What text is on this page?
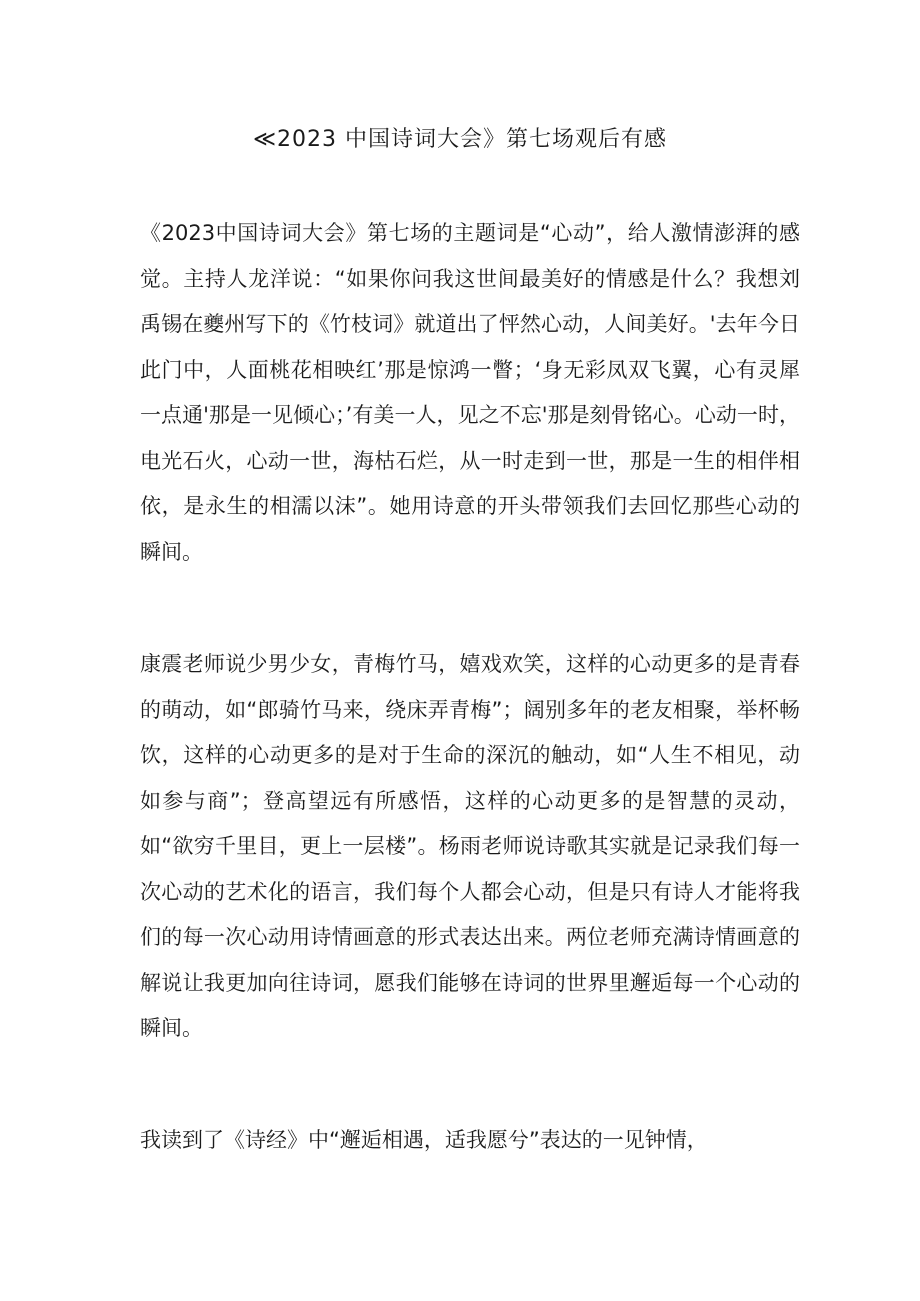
≪2023 中国诗词大会》第七场观后有感

《2023中国诗词大会》第七场的主题词是“心动”，给人激情澎湃的感觉。主持人龙洋说：“如果你问我这世间最美好的情感是什么？我想刘禹锡在夔州写下的《竹枝词》就道出了怦然心动，人间美好。'去年今日此门中，人面桃花相映红’那是惊鸿一瞥；‘身无彩凤双飞翼，心有灵犀一点通'那是一见倾心；’有美一人，见之不忘'那是刻骨铭心。心动一时，电光石火，心动一世，海枯石烂，从一时走到一世，那是一生的相伴相依，是永生的相濡以沫”。她用诗意的开头带领我们去回忆那些心动的瞬间。

康震老师说少男少女，青梅竹马，嬉戏欢笑，这样的心动更多的是青春的萌动，如“郎骑竹马来，绕床弄青梅”；阔别多年的老友相聚，举杯畅饮，这样的心动更多的是对于生命的深沉的触动，如“人生不相见，动如参与商”；登高望远有所感悟，这样的心动更多的是智慧的灵动，如“欲穷千里目，更上一层楼”。杨雨老师说诗歌其实就是记录我们每一次心动的艺术化的语言，我们每个人都会心动，但是只有诗人才能将我们的每一次心动用诗情画意的形式表达出来。两位老师充满诗情画意的解说让我更加向往诗词，愿我们能够在诗词的世界里邂逅每一个心动的瞬间。

我读到了《诗经》中“邂逅相遇，适我愿兮”表达的一见钟情，
